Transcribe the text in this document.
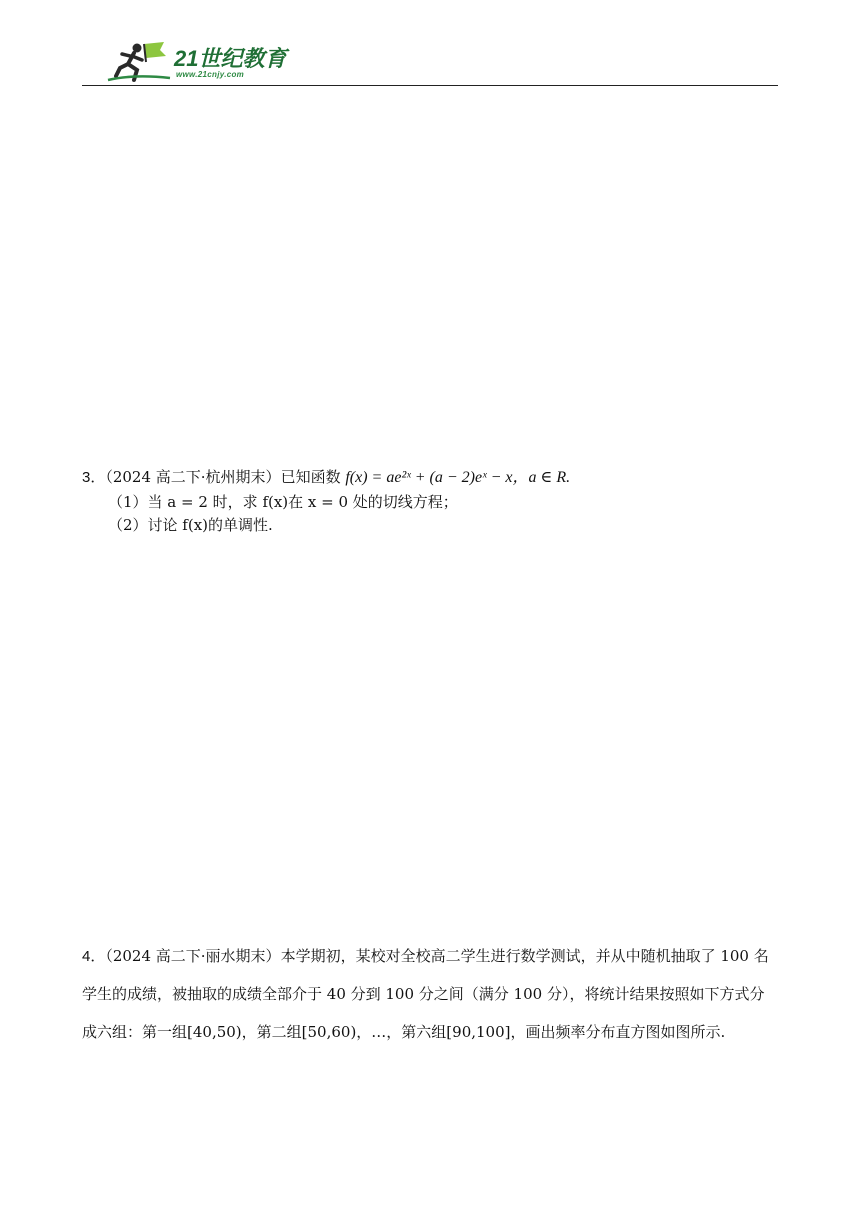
21世纪教育
www.21cnjy.com

3．（2024 高二下·杭州期末）已知函数 f(x) = ae²ˣ + (a − 2)eˣ − x，a ∈ R.

（1）当 a = 2 时，求 f(x)在 x = 0 处的切线方程；

（2）讨论 f(x)的单调性.

4．（2024 高二下·丽水期末）本学期初，某校对全校高二学生进行数学测试，并从中随机抽取了 100 名

学生的成绩，被抽取的成绩全部介于 40 分到 100 分之间（满分 100 分），将统计结果按照如下方式分

成六组：第一组[40,50)，第二组[50,60)，…，第六组[90,100]，画出频率分布直方图如图所示.
